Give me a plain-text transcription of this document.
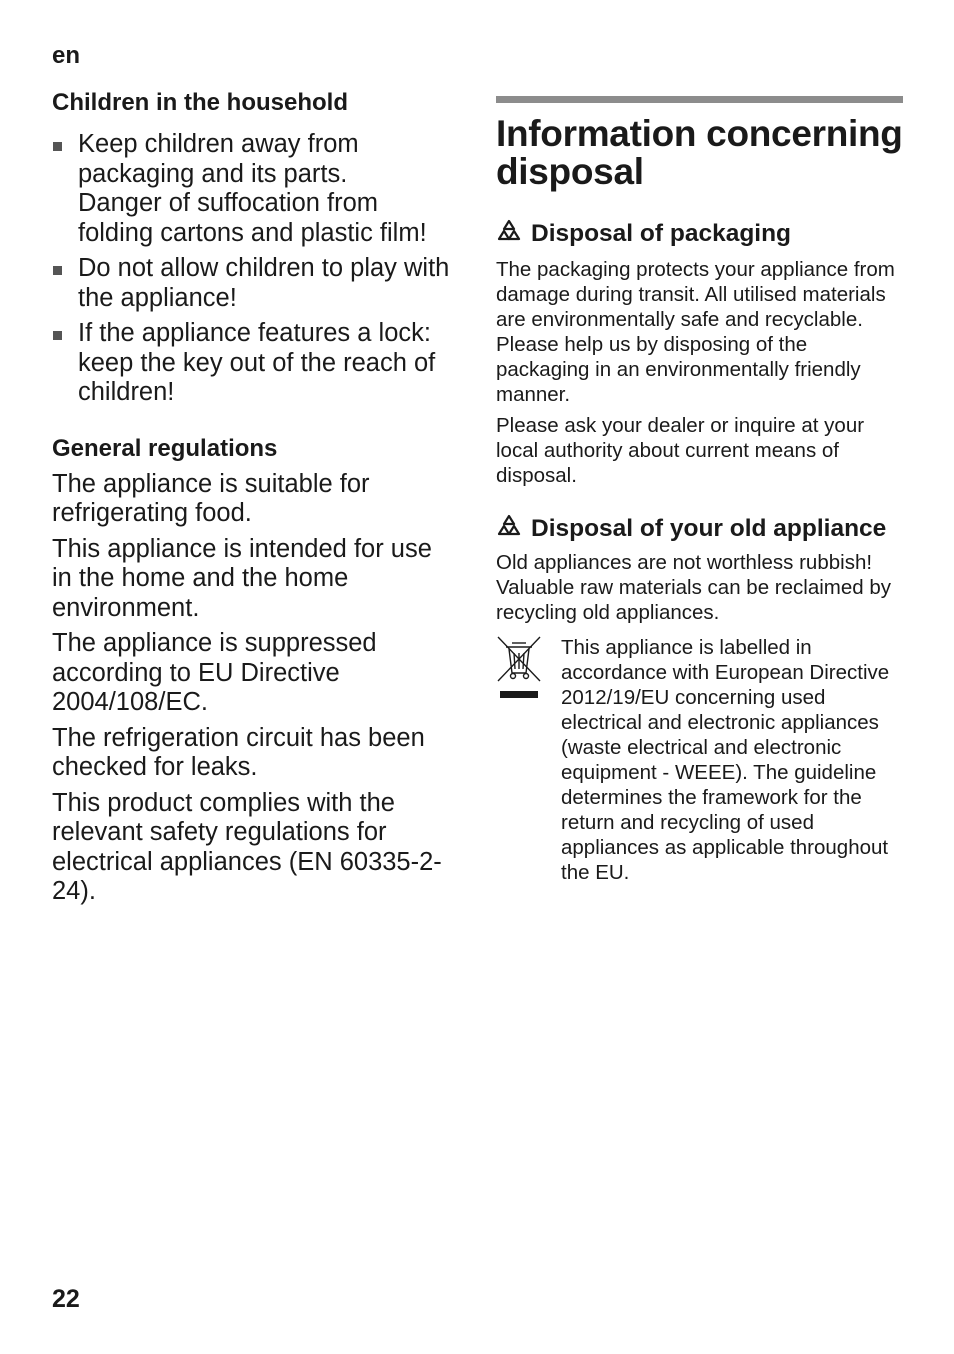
en
Children in the household
Keep children away from packaging and its parts.
Danger of suffocation from folding cartons and plastic film!
Do not allow children to play with the appliance!
If the appliance features a lock:
keep the key out of the reach of children!
General regulations

The appliance is suitable for refrigerating food.

This appliance is intended for use in the home and the home environment.

The appliance is suppressed according to EU Directive 2004/108/EC.

The refrigeration circuit has been checked for leaks.

This product complies with the relevant safety regulations for electrical appliances (EN 60335-2-24).

Information concerning disposal
Disposal of packaging

The packaging protects your appliance from damage during transit. All utilised materials are environmentally safe and recyclable. Please help us by disposing of the packaging in an environmentally friendly manner.

Please ask your dealer or inquire at your local authority about current means of disposal.

Disposal of your old appliance

Old appliances are not worthless rubbish! Valuable raw materials can be reclaimed by recycling old appliances.

This appliance is labelled in accordance with European Directive 2012/19/EU concerning used electrical and electronic appliances (waste electrical and electronic equipment - WEEE). The guideline determines the framework for the return and recycling of used appliances as applicable throughout the EU.

22
